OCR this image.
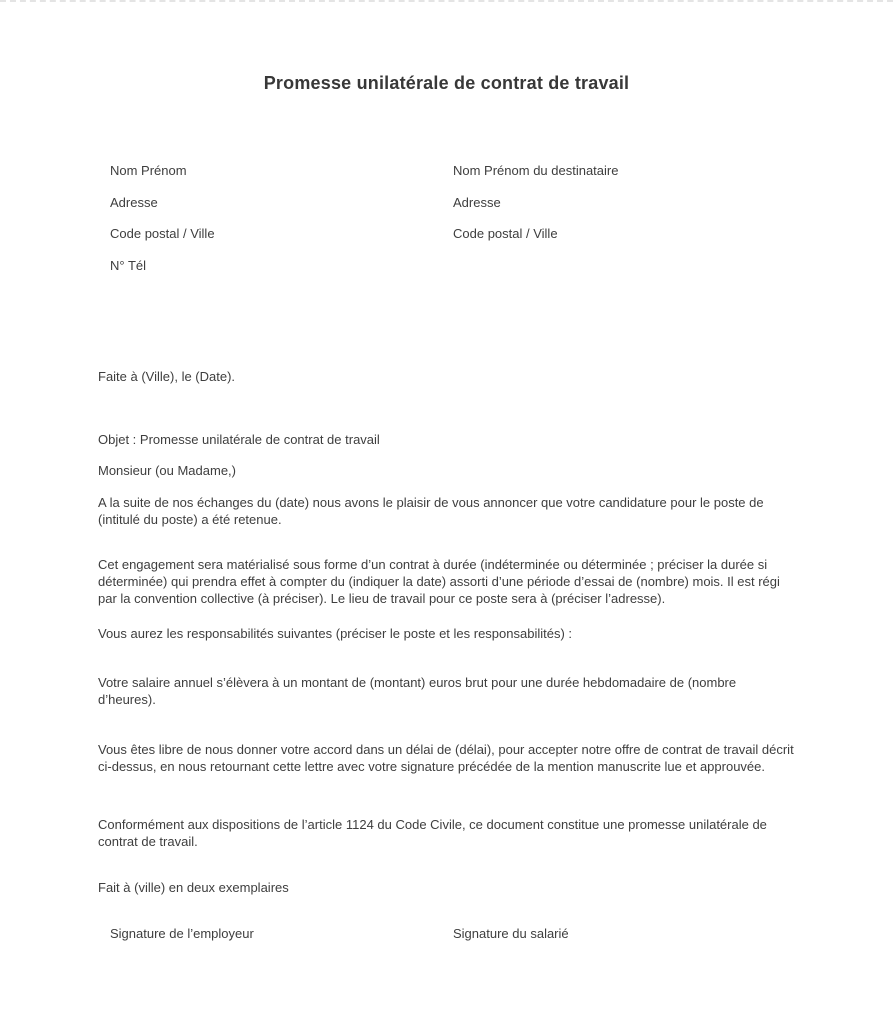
Promesse unilatérale de contrat de travail

Nom Prénom

Adresse

Code postal / Ville

N° Tél

Nom Prénom du destinataire

Adresse

Code postal / Ville

Faite à (Ville), le (Date).

Objet : Promesse unilatérale de contrat de travail

Monsieur (ou Madame,)

A la suite de nos échanges du (date) nous avons le plaisir de vous annoncer que votre candidature pour le poste de (intitulé du poste) a été retenue.

Cet engagement sera matérialisé sous forme d’un contrat à durée (indéterminée ou déterminée ; préciser la durée si déterminée) qui prendra effet à compter du (indiquer la date) assorti d’une période d’essai de (nombre) mois. Il est régi par la convention collective (à préciser). Le lieu de travail pour ce poste sera à (préciser l’adresse).

Vous aurez les responsabilités suivantes (préciser le poste et les responsabilités) :

Votre salaire annuel s’élèvera à un montant de (montant) euros brut pour une durée hebdomadaire de (nombre d’heures).

Vous êtes libre de nous donner votre accord dans un délai de (délai), pour accepter notre offre de contrat de travail décrit ci-dessus, en nous retournant cette lettre avec votre signature précédée de la mention manuscrite lue et approuvée.

Conformément aux dispositions de l’article 1124 du Code Civile, ce document constitue une promesse unilatérale de contrat de travail.

Fait à (ville) en deux exemplaires

Signature de l’employeur	Signature du salarié
